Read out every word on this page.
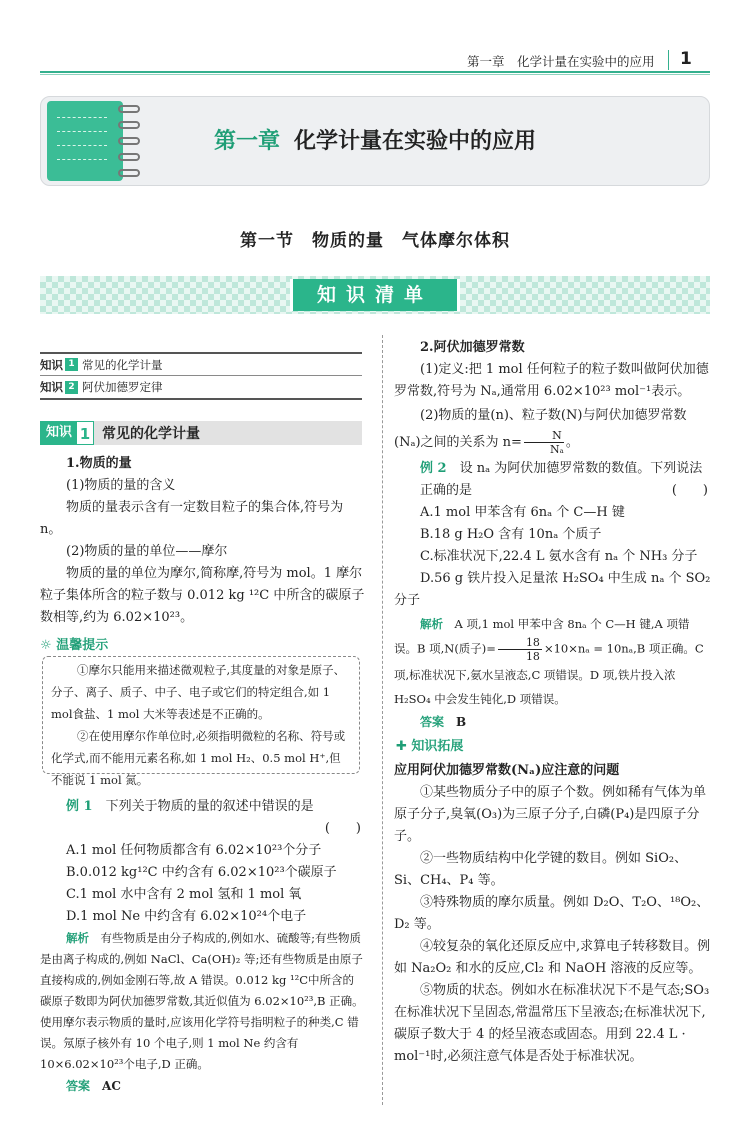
第一章　化学计量在实验中的应用 1
第一章 化学计量在实验中的应用
第一节　物质的量　气体摩尔体积
知识清单
知识 1 常见的化学计量
知识 2 阿伏加德罗定律
知识 1 常见的化学计量
1.物质的量
(1)物质的量的含义
物质的量表示含有一定数目粒子的集合体,符号为 n。
(2)物质的量的单位——摩尔
物质的量的单位为摩尔,简称摩,符号为 mol。1 摩尔粒子集体所含的粒子数与 0.012 kg ¹²C 中所含的碳原子数相等,约为 6.02×10²³。
☼ 温馨提示
①摩尔只能用来描述微观粒子,其度量的对象是原子、分子、离子、质子、中子、电子或它们的特定组合,如 1 mol食盐、1 mol 大米等表述是不正确的。
②在使用摩尔作单位时,必须指明微粒的名称、符号或化学式,而不能用元素名称,如 1 mol H₂、0.5 mol H⁺,但不能说 1 mol 氮。
例 1　 下列关于物质的量的叙述中错误的是
(　　)
A.1 mol 任何物质都含有 6.02×10²³个分子
B.0.012 kg¹²C 中约含有 6.02×10²³个碳原子
C.1 mol 水中含有 2 mol 氢和 1 mol 氧
D.1 mol Ne 中约含有 6.02×10²⁴个电子
解析　 有些物质是由分子构成的,例如水、硫酸等;有些物质是由离子构成的,例如 NaCl、Ca(OH)₂ 等;还有些物质是由原子直接构成的,例如金刚石等,故 A 错误。0.012 kg ¹²C中所含的碳原子数即为阿伏加德罗常数,其近似值为 6.02×10²³,B 正确。使用摩尔表示物质的量时,应该用化学符号指明粒子的种类,C 错误。氖原子核外有 10 个电子,则 1 mol Ne 约含有 10×6.02×10²³个电子,D 正确。
答案　 AC
2.阿伏加德罗常数
(1)定义:把 1 mol 任何粒子的粒子数叫做阿伏加德罗常数,符号为 Nₐ,通常用 6.02×10²³ mol⁻¹表示。
(2)物质的量(n)、粒子数(N)与阿伏加德罗常数(Nₐ)之间的关系为 $n= \frac{N}{\text{Nₐ}}$ 。
例 2　 设 nₐ 为阿伏加德罗常数的数值。下列说法正确的是	(　　)
A.1 mol 甲苯含有 6nₐ 个 C—H 键
B.18 g H₂O 含有 10nₐ 个质子
C.标准状况下,22.4 L 氨水含有 nₐ 个 NH₃ 分子
D.56 g 铁片投入足量浓 H₂SO₄ 中生成 nₐ 个 SO₂ 分子
解析　 A 项,1 mol 甲苯中含 8nₐ 个 C—H 键,A 项错误。B 项,N(质子)= $\frac{18}{18} \times 10\times n_a = 10n_a,B$ 项正确。C 项,标准状况下,氨水呈液态,C 项错误。D 项,铁片投入浓 H₂SO₄ 中会发生钝化,D 项错误。
答案　 B
✚ 知识拓展
应用阿伏加德罗常数(Nₐ)应注意的问题
①某些物质分子中的原子个数。例如稀有气体为单原子分子,臭氧(O₃)为三原子分子,白磷(P₄)是四原子分子。
②一些物质结构中化学键的数目。例如 SiO₂、Si、CH₄、P₄ 等。
③特殊物质的摩尔质量。例如 D₂O、T₂O、¹⁸O₂、D₂ 等。
④较复杂的氧化还原反应中,求算电子转移数目。例如 Na₂O₂ 和水的反应,Cl₂ 和 NaOH 溶液的反应等。
⑤物质的状态。例如水在标准状况下不是气态;SO₃ 在标准状况下呈固态,常温常压下呈液态;在标准状况下,碳原子数大于 4 的烃呈液态或固态。用到 22.4 L · mol⁻¹时,必须注意气体是否处于标准状况。
